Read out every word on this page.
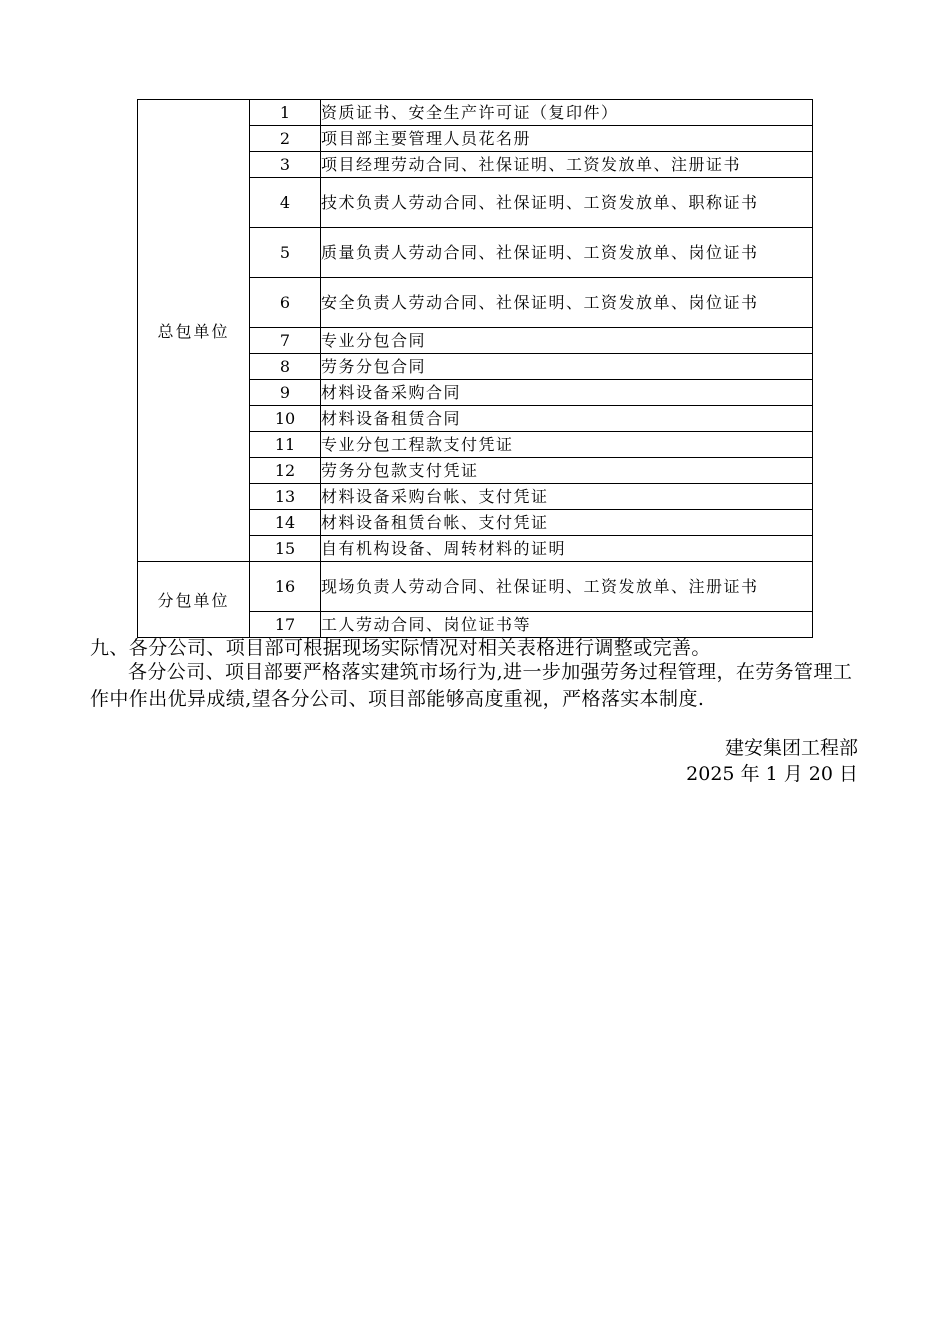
总包单位	1	资质证书、安全生产许可证（复印件）
	2	项目部主要管理人员花名册
	3	项目经理劳动合同、社保证明、工资发放单、注册证书
	4	技术负责人劳动合同、社保证明、工资发放单、职称证书
	5	质量负责人劳动合同、社保证明、工资发放单、岗位证书
	6	安全负责人劳动合同、社保证明、工资发放单、岗位证书
	7	专业分包合同
	8	劳务分包合同
	9	材料设备采购合同
	10	材料设备租赁合同
	11	专业分包工程款支付凭证
	12	劳务分包款支付凭证
	13	材料设备采购台帐、支付凭证
	14	材料设备租赁台帐、支付凭证
	15	自有机构设备、周转材料的证明
分包单位	16	现场负责人劳动合同、社保证明、工资发放单、注册证书
	17	工人劳动合同、岗位证书等
九、各分公司、项目部可根据现场实际情况对相关表格进行调整或完善。
各分公司、项目部要严格落实建筑市场行为,进一步加强劳务过程管理，在劳务管理工作中作出优异成绩,望各分公司、项目部能够高度重视，严格落实本制度.
建安集团工程部
2025 年 1 月 20 日
